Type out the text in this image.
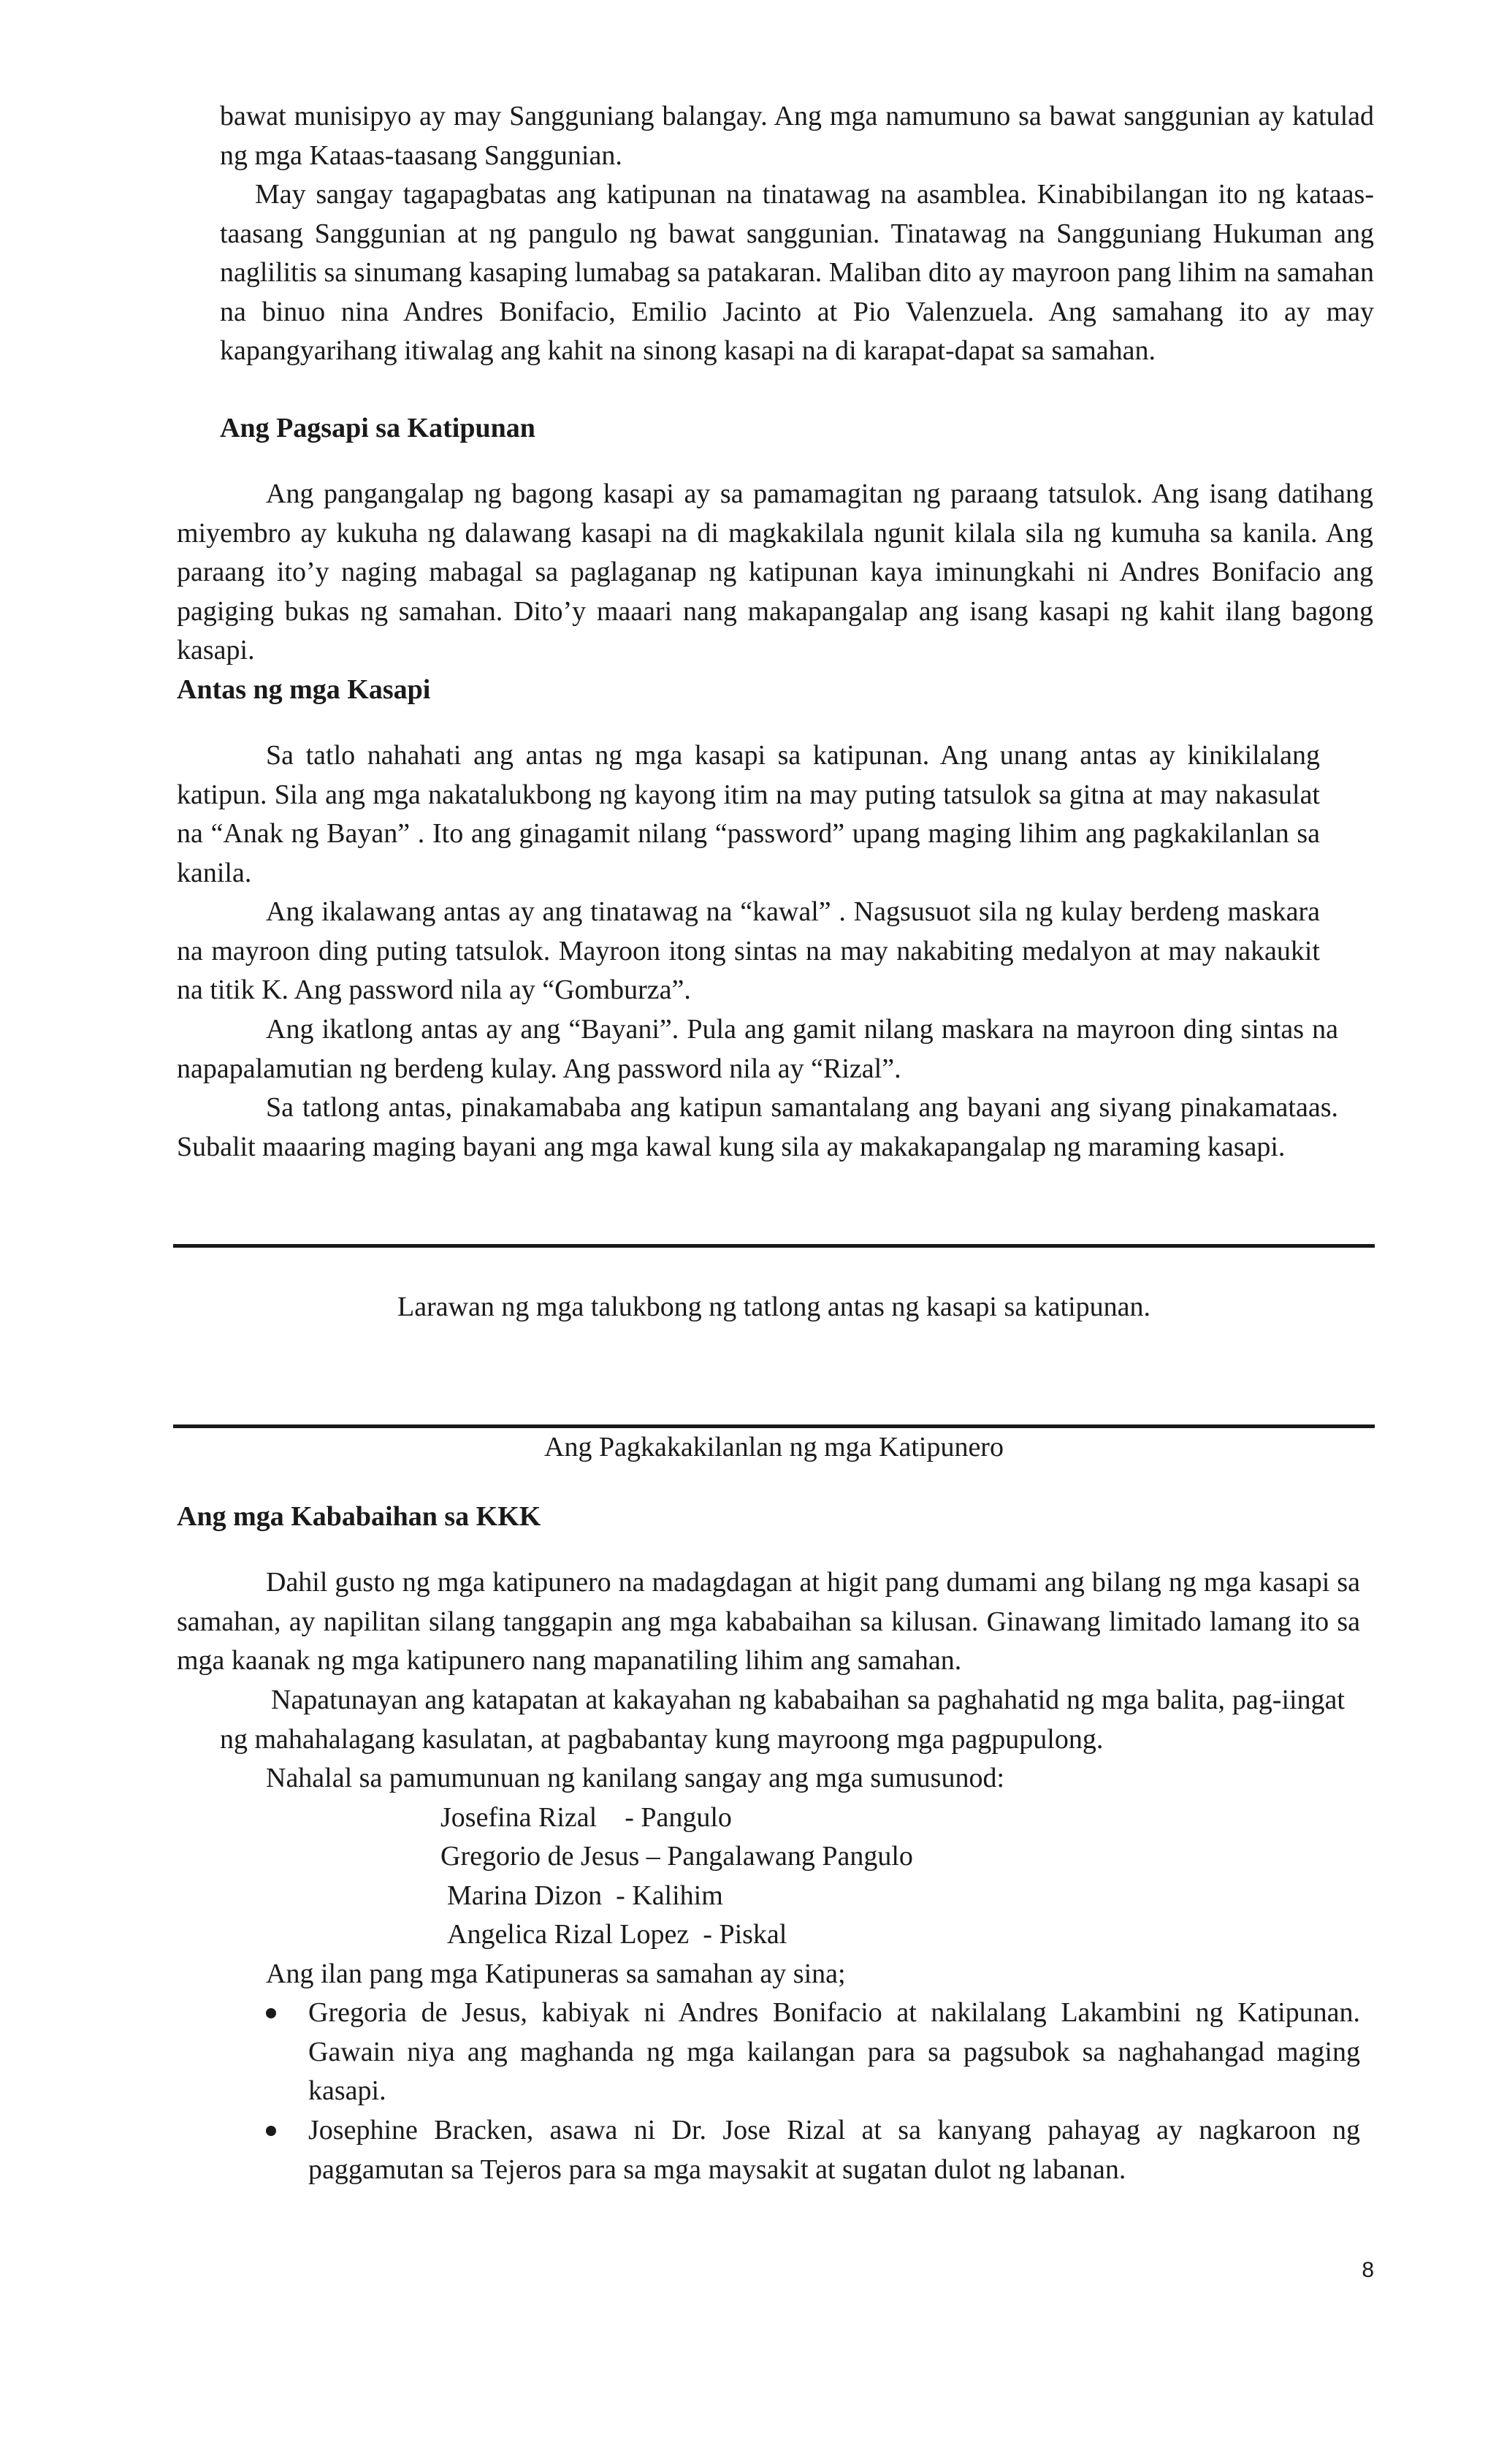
bawat munisipyo ay may Sangguniang balangay. Ang mga namumuno sa bawat sanggunian ay katulad ng mga Kataas-taasang Sanggunian.

May sangay tagapagbatas ang katipunan na tinatawag na asamblea. Kinabibilangan ito ng kataas-taasang Sanggunian at ng pangulo ng bawat sanggunian. Tinatawag na Sangguniang Hukuman ang naglilitis sa sinumang kasaping lumabag sa patakaran. Maliban dito ay mayroon pang lihim na samahan na binuo nina Andres Bonifacio, Emilio Jacinto at Pio Valenzuela. Ang samahang ito ay may kapangyarihang itiwalag ang kahit na sinong kasapi na di karapat-dapat sa samahan.

Ang Pagsapi sa Katipunan

Ang pangangalap ng bagong kasapi ay sa pamamagitan ng paraang tatsulok. Ang isang datihang miyembro ay kukuha ng dalawang kasapi na di magkakilala ngunit kilala sila ng kumuha sa kanila. Ang paraang ito’y naging mabagal sa paglaganap ng katipunan kaya iminungkahi ni Andres Bonifacio ang pagiging bukas ng samahan. Dito’y maaari nang makapangalap ang isang kasapi ng kahit ilang bagong kasapi.

Antas ng mga Kasapi

Sa tatlo nahahati ang antas ng mga kasapi sa katipunan. Ang unang antas ay kinikilalang katipun. Sila ang mga nakatalukbong ng kayong itim na may puting tatsulok sa gitna at may nakasulat na “Anak ng Bayan” . Ito ang ginagamit nilang “password” upang maging lihim ang pagkakilanlan sa kanila.

Ang ikalawang antas ay ang tinatawag na “kawal” . Nagsusuot sila ng kulay berdeng maskara na mayroon ding puting tatsulok. Mayroon itong sintas na may nakabiting medalyon at may nakaukit na titik K. Ang password nila ay “Gomburza”.

Ang ikatlong antas ay ang “Bayani”. Pula ang gamit nilang maskara na mayroon ding sintas na napapalamutian ng berdeng kulay. Ang password nila ay “Rizal”.

Sa tatlong antas, pinakamababa ang katipun samantalang ang bayani ang siyang pinakamataas. Subalit maaaring maging bayani ang mga kawal kung sila ay makakapangalap ng maraming kasapi.

Larawan ng mga talukbong ng tatlong antas ng kasapi sa katipunan.

Ang Pagkakakilanlan ng mga Katipunero

Ang mga Kababaihan sa KKK

Dahil gusto ng mga katipunero na madagdagan at higit pang dumami ang bilang ng mga kasapi sa samahan, ay napilitan silang tanggapin ang mga kababaihan sa kilusan. Ginawang limitado lamang ito sa mga kaanak ng mga katipunero nang mapanatiling lihim ang samahan.

Napatunayan ang katapatan at kakayahan ng kababaihan sa paghahatid ng mga balita, pag-iingat ng mahahalagang kasulatan, at pagbabantay kung mayroong mga pagpupulong.

Nahalal sa pamumunuan ng kanilang sangay ang mga sumusunod:

Josefina Rizal    - Pangulo

Gregorio de Jesus – Pangalawang Pangulo

Marina Dizon  - Kalihim

Angelica Rizal Lopez  - Piskal

Ang ilan pang mga Katipuneras sa samahan ay sina;

Gregoria de Jesus, kabiyak ni Andres Bonifacio at nakilalang Lakambini ng Katipunan. Gawain niya ang maghanda ng mga kailangan para sa pagsubok sa naghahangad maging kasapi.

Josephine Bracken, asawa ni Dr. Jose Rizal at sa kanyang pahayag ay nagkaroon ng paggamutan sa Tejeros para sa mga maysakit at sugatan dulot ng labanan.

8
